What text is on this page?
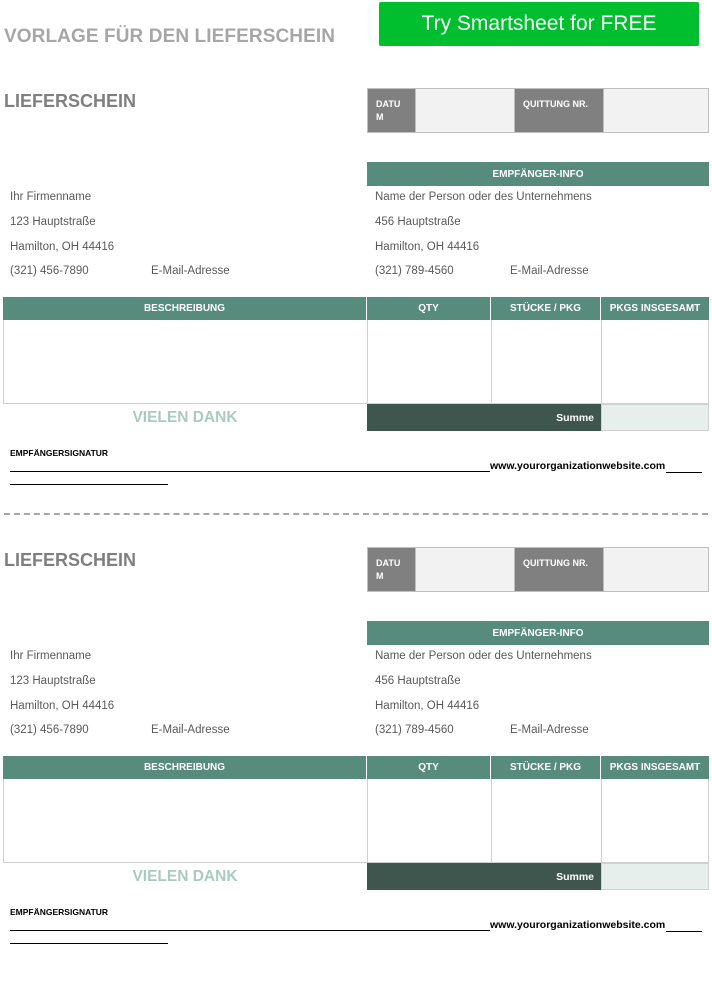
VORLAGE FÜR DEN LIEFERSCHEIN
Try Smartsheet for FREE
LIEFERSCHEIN	DATU
M
QUITTUNG NR.
EMPFÄNGER-INFO
Ihr Firmenname
123 Hauptstraße
Hamilton, OH 44416
(321) 456-7890	E-Mail-Adresse
Name der Person oder des Unternehmens
456 Hauptstraße
Hamilton, OH 44416
(321) 789-4560	E-Mail-Adresse
BESCHREIBUNG	QTY	STÜCKE / PKG	PKGS INSGESAMT
VIELEN DANK	Summe
EMPFÄNGERSIGNATUR
www.yourorganizationwebsite.com
LIEFERSCHEIN	DATU
M
QUITTUNG NR.
EMPFÄNGER-INFO
Ihr Firmenname
123 Hauptstraße
Hamilton, OH 44416
(321) 456-7890	E-Mail-Adresse
Name der Person oder des Unternehmens
456 Hauptstraße
Hamilton, OH 44416
(321) 789-4560	E-Mail-Adresse
BESCHREIBUNG	QTY	STÜCKE / PKG	PKGS INSGESAMT
VIELEN DANK	Summe
EMPFÄNGERSIGNATUR
www.yourorganizationwebsite.com
